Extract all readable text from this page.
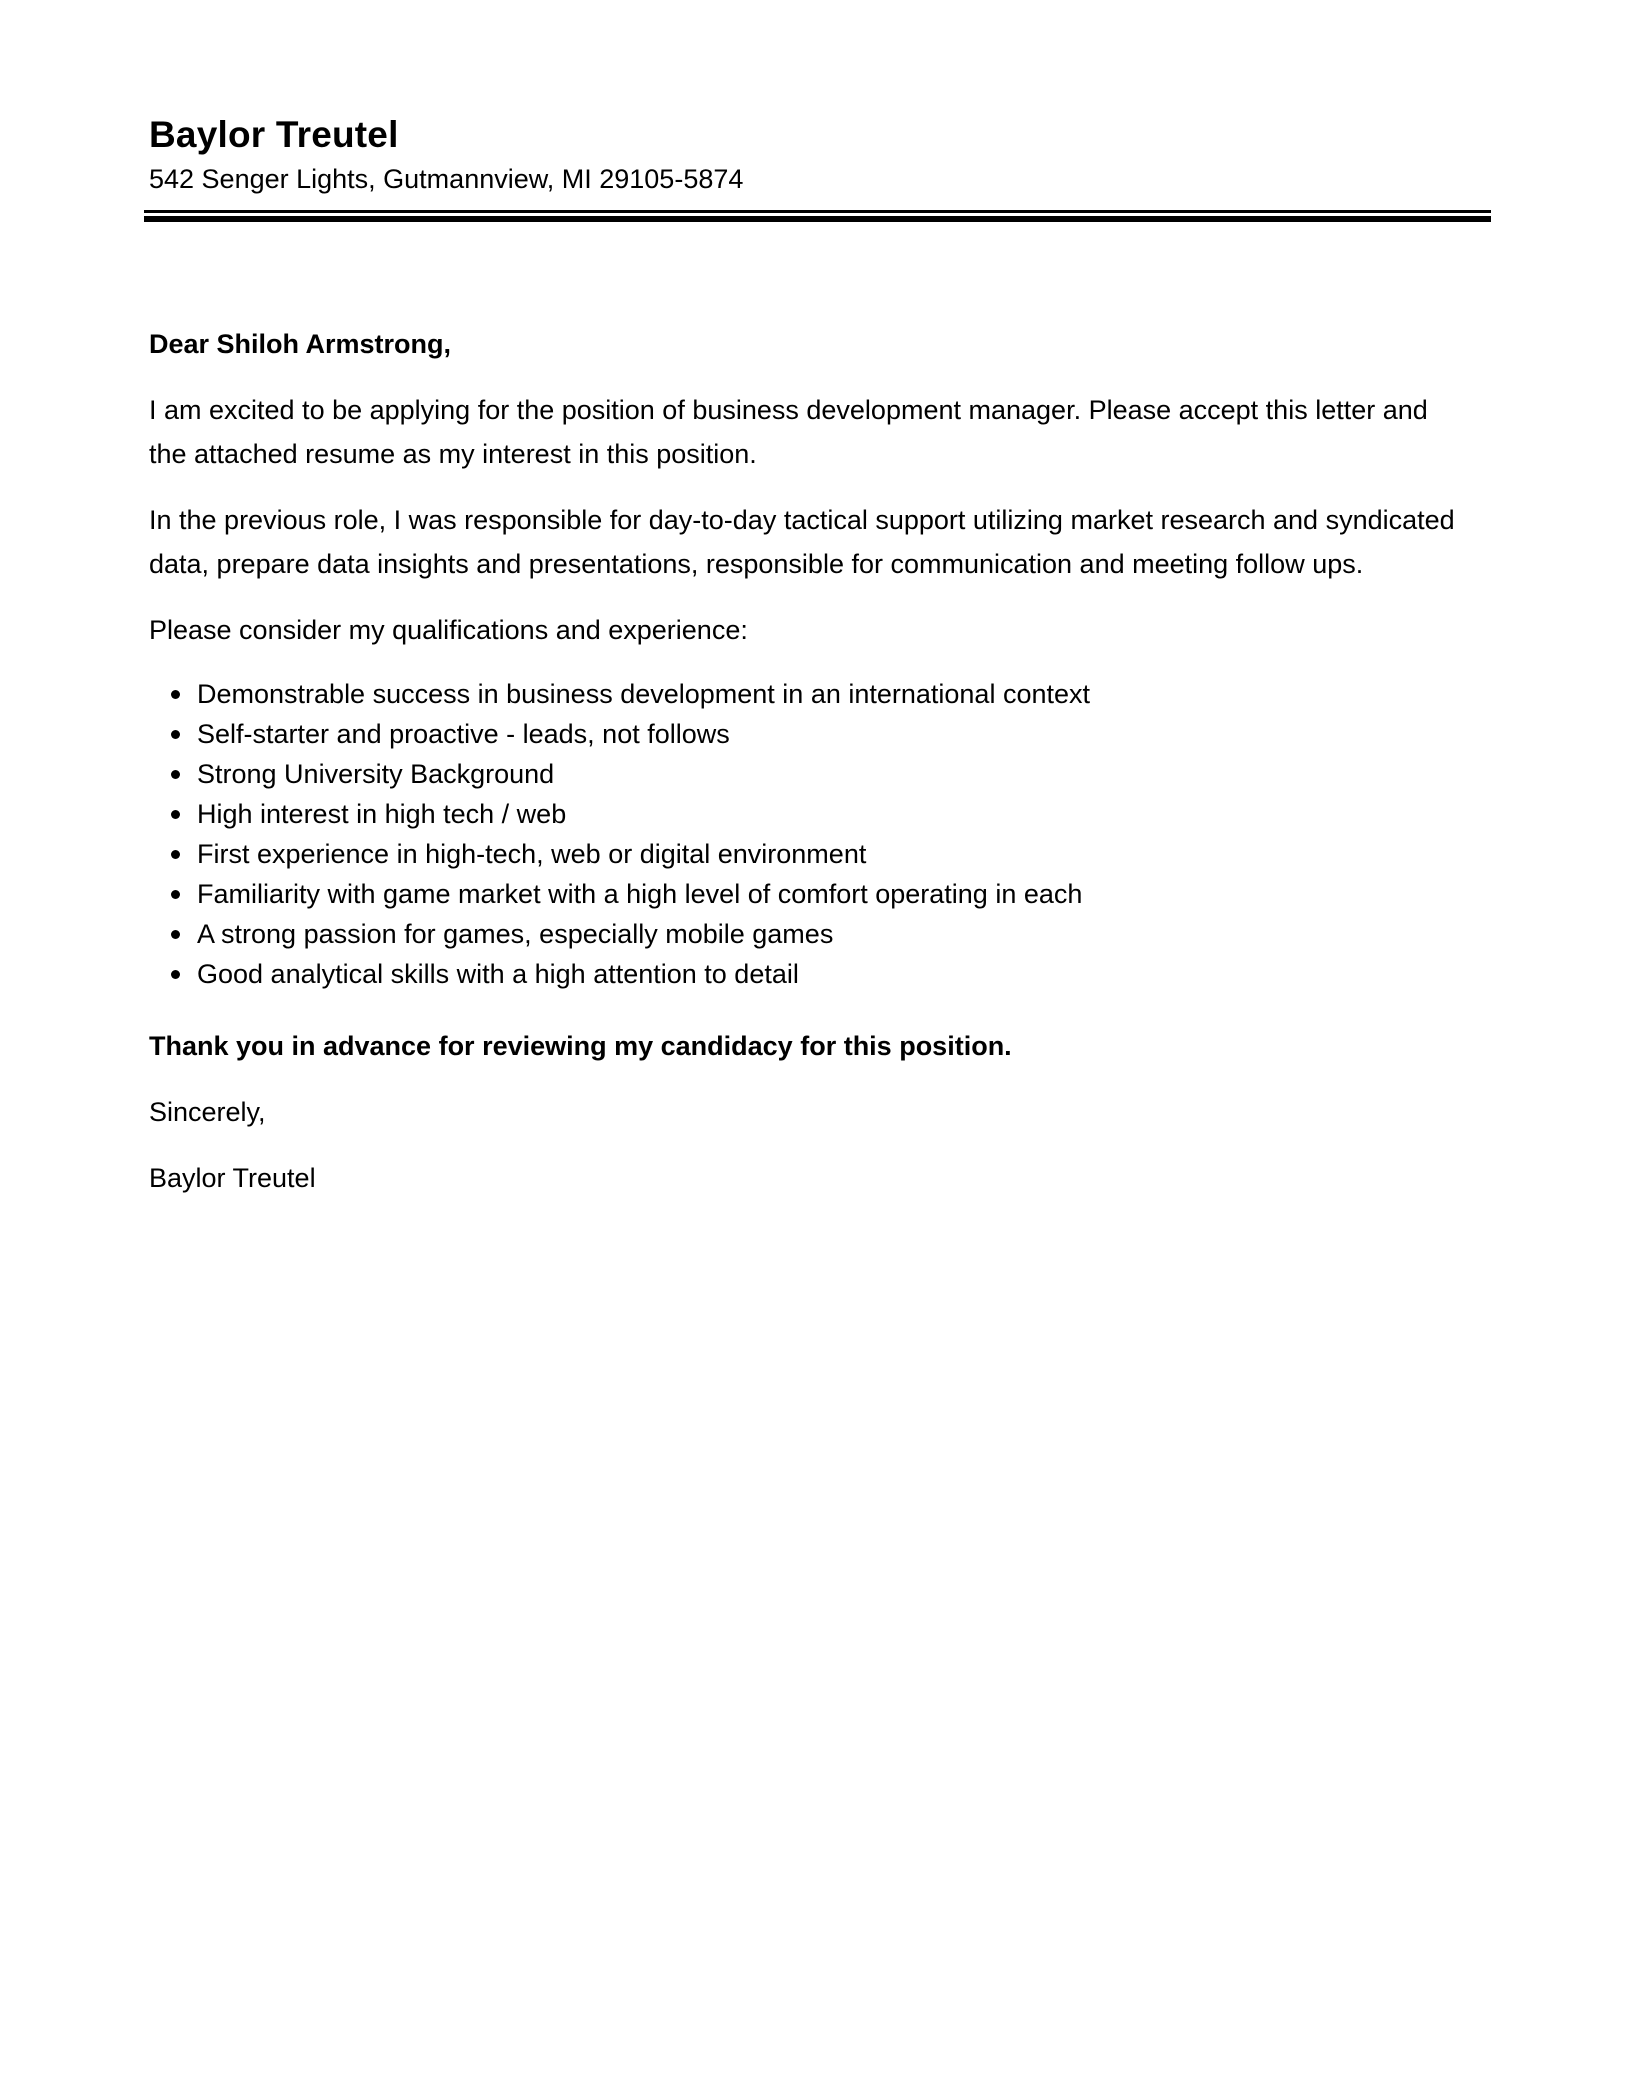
Baylor Treutel
542 Senger Lights, Gutmannview, MI 29105-5874

Dear Shiloh Armstrong,

I am excited to be applying for the position of business development manager. Please accept this letter and the attached resume as my interest in this position.

In the previous role, I was responsible for day-to-day tactical support utilizing market research and syndicated data, prepare data insights and presentations, responsible for communication and meeting follow ups.

Please consider my qualifications and experience:

Demonstrable success in business development in an international context
Self-starter and proactive - leads, not follows
Strong University Background
High interest in high tech / web
First experience in high-tech, web or digital environment
Familiarity with game market with a high level of comfort operating in each
A strong passion for games, especially mobile games
Good analytical skills with a high attention to detail

Thank you in advance for reviewing my candidacy for this position.

Sincerely,

Baylor Treutel
